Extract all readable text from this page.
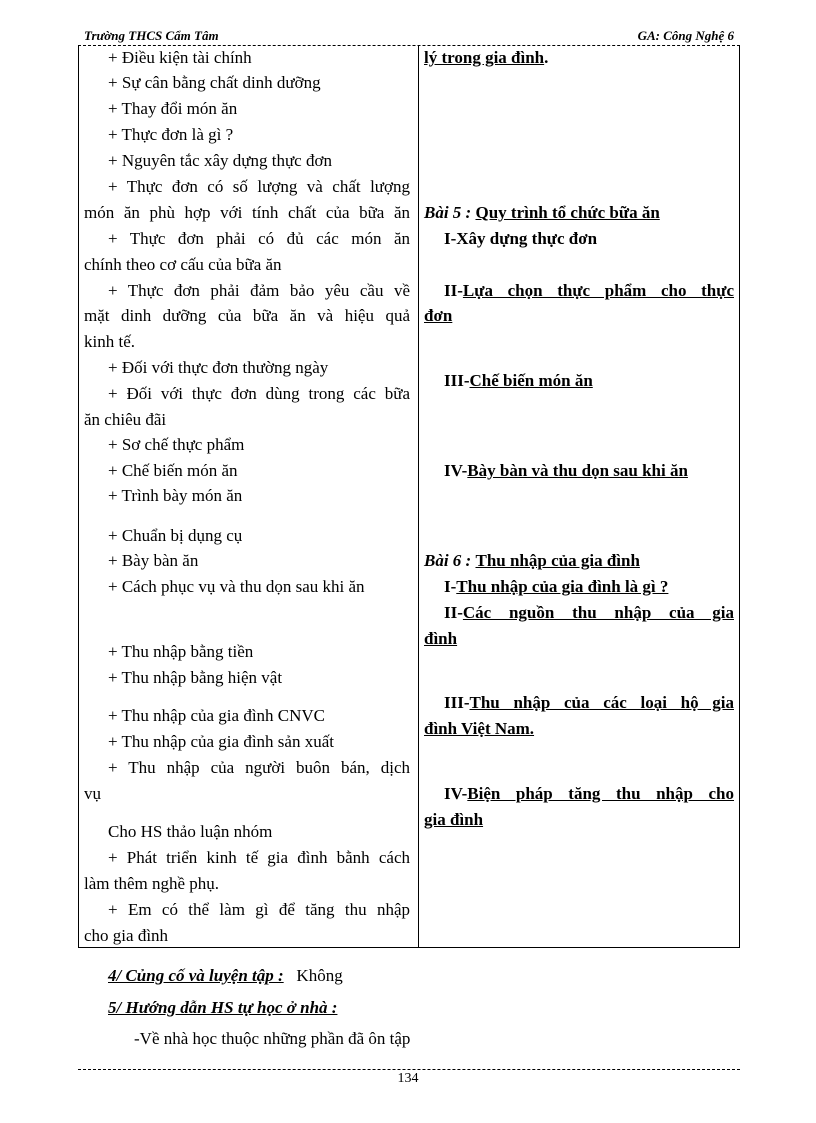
Trường THCS Cẩm Tâm	GA: Công Nghệ 6
+ Điều kiện tài chính
+ Sự cân bằng chất dinh dưỡng
+ Thay đổi món ăn
+ Thực đơn là gì ?
+ Nguyên tắc xây dựng thực đơn
+ Thực đơn có số lượng và chất lượng
món ăn phù hợp với tính chất của bữa ăn
+ Thực đơn phải có đủ các món ăn
chính theo cơ cấu của bữa ăn
+ Thực đơn phải đảm bảo yêu cầu về
mặt dinh dưỡng của bữa ăn và hiệu quả
kinh tế.
+ Đối với thực đơn thường ngày
+ Đối với thực đơn dùng trong các bữa
ăn chiêu đãi
+ Sơ chế thực phẩm
+ Chế biến món ăn
+ Trình bày món ăn
+ Chuẩn bị dụng cụ
+ Bày bàn ăn
+ Cách phục vụ và thu dọn sau khi ăn
+ Thu nhập bằng tiền
+ Thu nhập bằng hiện vật
+ Thu nhập của gia đình CNVC
+ Thu nhập của gia đình sản xuất
+ Thu nhập của người buôn bán, dịch
vụ
Cho HS thảo luận nhóm
+ Phát triển kinh tế gia đình bằnh cách
làm thêm nghề phụ.
+ Em có thể làm gì để tăng thu nhập
cho gia đình
lý trong gia đình.
Bài 5 : Quy trình tổ chức bữa ăn
I-Xây dựng thực đơn
II-Lựa chọn thực phẩm cho thực
đơn
III-Chế biến món ăn
IV-Bày bàn và thu dọn sau khi ăn
Bài 6 : Thu nhập của gia đình
I-Thu nhập của gia đình là gì ?
II-Các nguồn thu nhập của gia
đình
III-Thu nhập của các loại hộ gia
đình Việt Nam.
IV-Biện pháp tăng thu nhập cho
gia đình
4/ Củng cố và luyện tập : Không
5/ Hướng dẫn HS tự học ở nhà :
-Về nhà học thuộc những phần đã ôn tập
134
